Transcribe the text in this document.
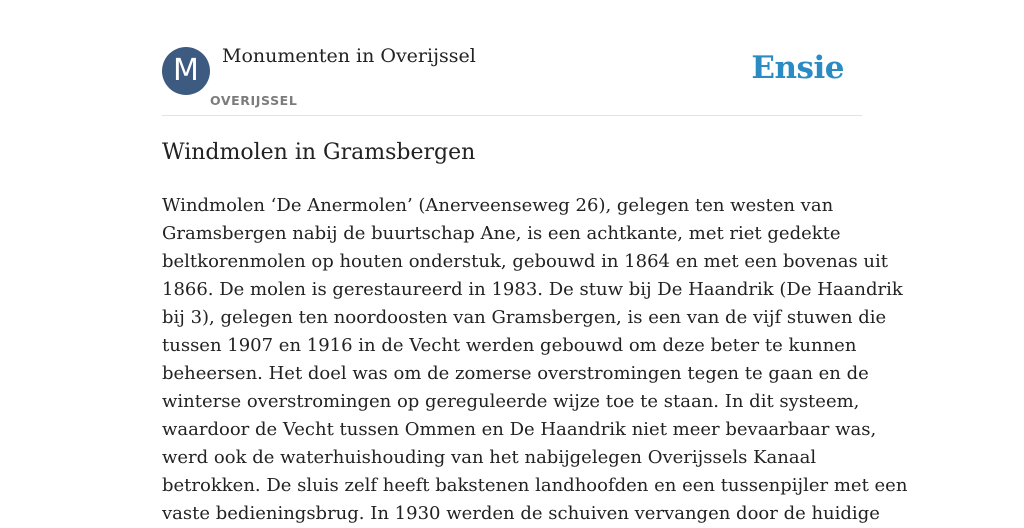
M	Monumenten in Overijssel
OVERIJSSEL
Ensie
Windmolen in Gramsbergen
Windmolen ‘De Anermolen’ (Anerveenseweg 26), gelegen ten westen van
Gramsbergen nabij de buurtschap Ane, is een achtkante, met riet gedekte
beltkorenmolen op houten onderstuk, gebouwd in 1864 en met een bovenas uit
1866. De molen is gerestaureerd in 1983. De stuw bij De Haandrik (De Haandrik
bij 3), gelegen ten noordoosten van Gramsbergen, is een van de vijf stuwen die
tussen 1907 en 1916 in de Vecht werden gebouwd om deze beter te kunnen
beheersen. Het doel was om de zomerse overstromingen tegen te gaan en de
winterse overstromingen op gereguleerde wijze toe te staan. In dit systeem,
waardoor de Vecht tussen Ommen en De Haandrik niet meer bevaarbaar was,
werd ook de waterhuishouding van het nabijgelegen Overijssels Kanaal
betrokken. De sluis zelf heeft bakstenen landhoofden en een tussenpijler met een
vaste bedieningsbrug. In 1930 werden de schuiven vervangen door de huidige
